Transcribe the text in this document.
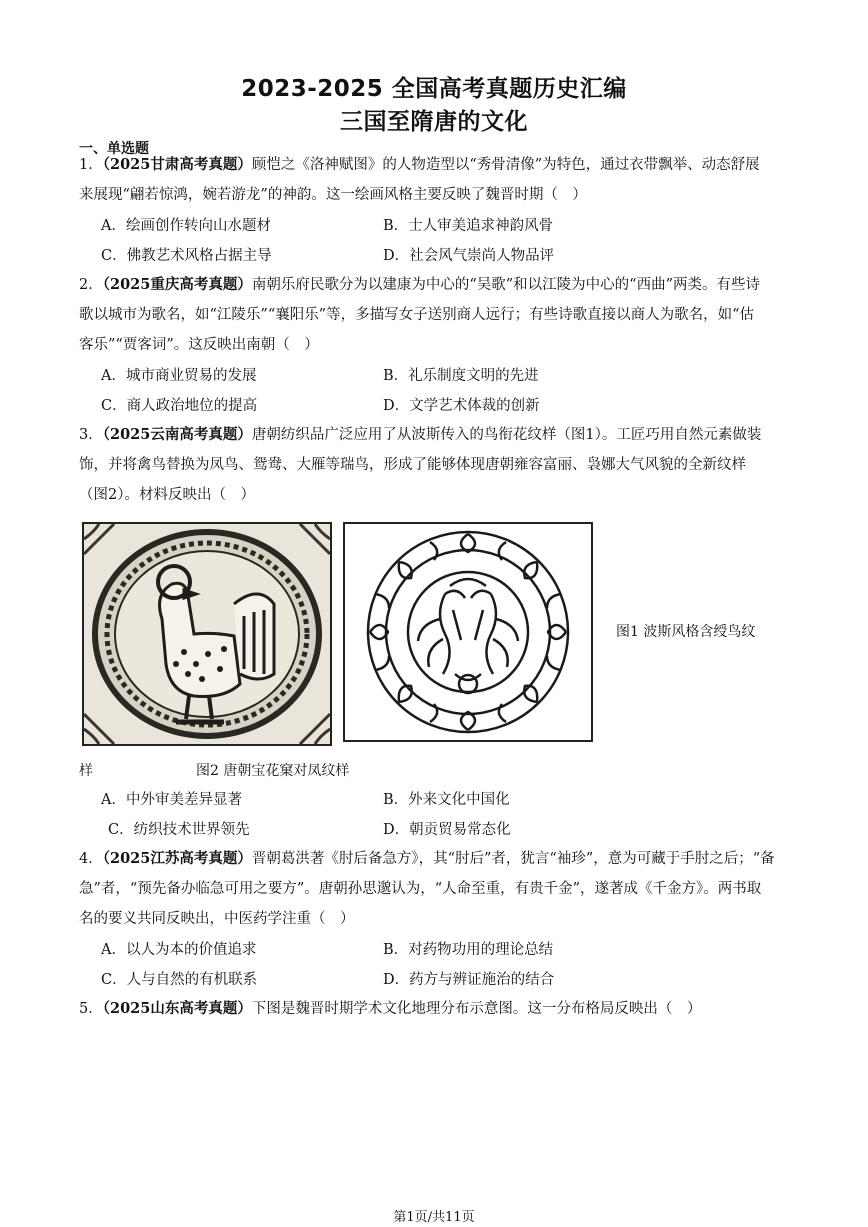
2023-2025 全国高考真题历史汇编
三国至隋唐的文化
一、单选题
1．（2025甘肃高考真题）顾恺之《洛神赋图》的人物造型以“秀骨清像”为特色，通过衣带飘举、动态舒展
来展现“翩若惊鸿，婉若游龙”的神韵。这一绘画风格主要反映了魏晋时期（　）
A．绘画创作转向山水题材	B．士人审美追求神韵风骨
C．佛教艺术风格占据主导	D．社会风气崇尚人物品评
2．（2025重庆高考真题）南朝乐府民歌分为以建康为中心的“吴歌”和以江陵为中心的“西曲”两类。有些诗
歌以城市为歌名，如“江陵乐”“襄阳乐”等，多描写女子送别商人远行；有些诗歌直接以商人为歌名，如“估
客乐”“贾客词”。这反映出南朝（　）
A．城市商业贸易的发展	B．礼乐制度文明的先进
C．商人政治地位的提高	D．文学艺术体裁的创新
3．（2025云南高考真题）唐朝纺织品广泛应用了从波斯传入的鸟衔花纹样（图1）。工匠巧用自然元素做装
饰，并将禽鸟替换为凤鸟、鸳鸯、大雁等瑞鸟，形成了能够体现唐朝雍容富丽、袅娜大气风貌的全新纹样
（图2）。材料反映出（　）
图1 波斯风格含绶鸟纹
样	图2 唐朝宝花窠对凤纹样
A．中外审美差异显著	B．外来文化中国化
C．纺织技术世界领先	D．朝贡贸易常态化
4．（2025江苏高考真题）晋朝葛洪著《肘后备急方》，其“肘后”者，犹言“袖珍”，意为可藏于手肘之后；“备
急”者，“预先备办临急可用之要方”。唐朝孙思邈认为，“人命至重，有贵千金”，遂著成《千金方》。两书取
名的要义共同反映出，中医药学注重（　）
A．以人为本的价值追求	B．对药物功用的理论总结
C．人与自然的有机联系	D．药方与辨证施治的结合
5．（2025山东高考真题）下图是魏晋时期学术文化地理分布示意图。这一分布格局反映出（　）
第1页/共11页
